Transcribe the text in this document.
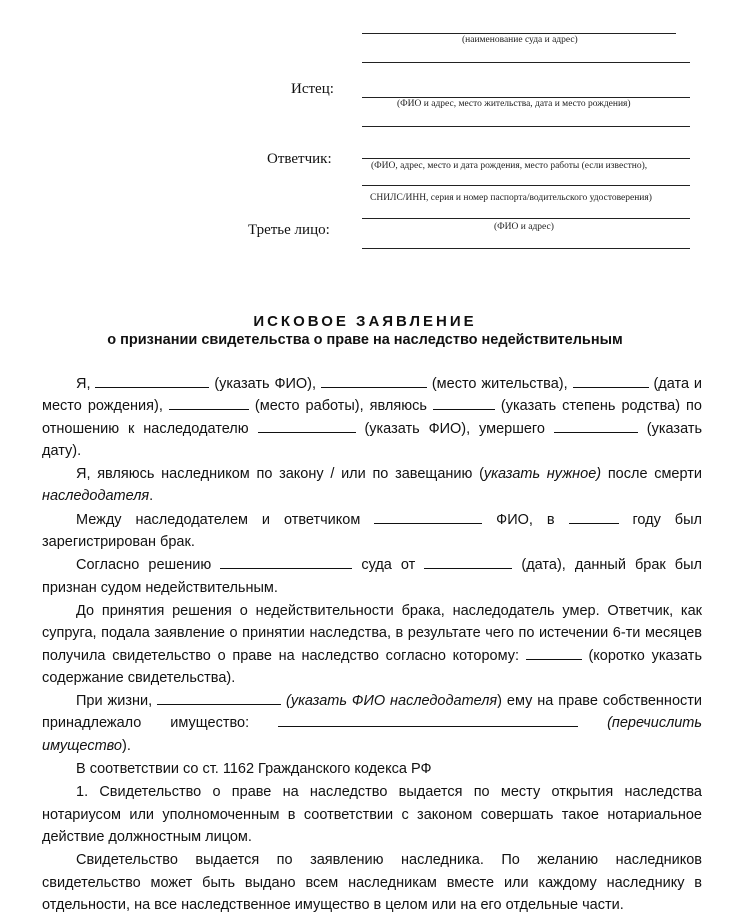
(наименование суда и адрес)
Истец:
(ФИО и адрес, место жительства, дата и место рождения)
Ответчик:	(ФИО, адрес, место и дата рождения, место работы (если известно),
СНИЛС/ИНН, серия и номер паспорта/водительского удостоверения)
Третье лицо:	(ФИО и адрес)
ИСКОВОЕ ЗАЯВЛЕНИЕ
о признании свидетельства о праве на наследство недействительным

Я,	(указать ФИО),	(место жительства),	(дата и место рождения),	(место работы), являюсь	(указать степень родства) по отношению к наследодателю	(указать ФИО), умершего	(указать дату).

Я, являюсь наследником по закону / или по завещанию (указать нужное) после смерти наследодателя.

Между наследодателем и ответчиком	ФИО, в	году был зарегистрирован брак.

Согласно решению	суда от	(дата), данный брак был признан судом недействительным.

До принятия решения о недействительности брака, наследодатель умер. Ответчик, как супруга, подала заявление о принятии наследства, в результате чего по истечении 6-ти месяцев получила свидетельство о праве на наследство согласно которому:	(коротко указать содержание свидетельства).

При жизни,	(указать ФИО наследодателя) ему на праве собственности принадлежало имущество:	(перечислить имущество).

В соответствии со ст. 1162 Гражданского кодекса РФ

1. Свидетельство о праве на наследство выдается по месту открытия наследства нотариусом или уполномоченным в соответствии с законом совершать такое нотариальное действие должностным лицом.

Свидетельство выдается по заявлению наследника. По желанию наследников свидетельство может быть выдано всем наследникам вместе или каждому наследнику в отдельности, на все наследственное имущество в целом или на его отдельные части.
